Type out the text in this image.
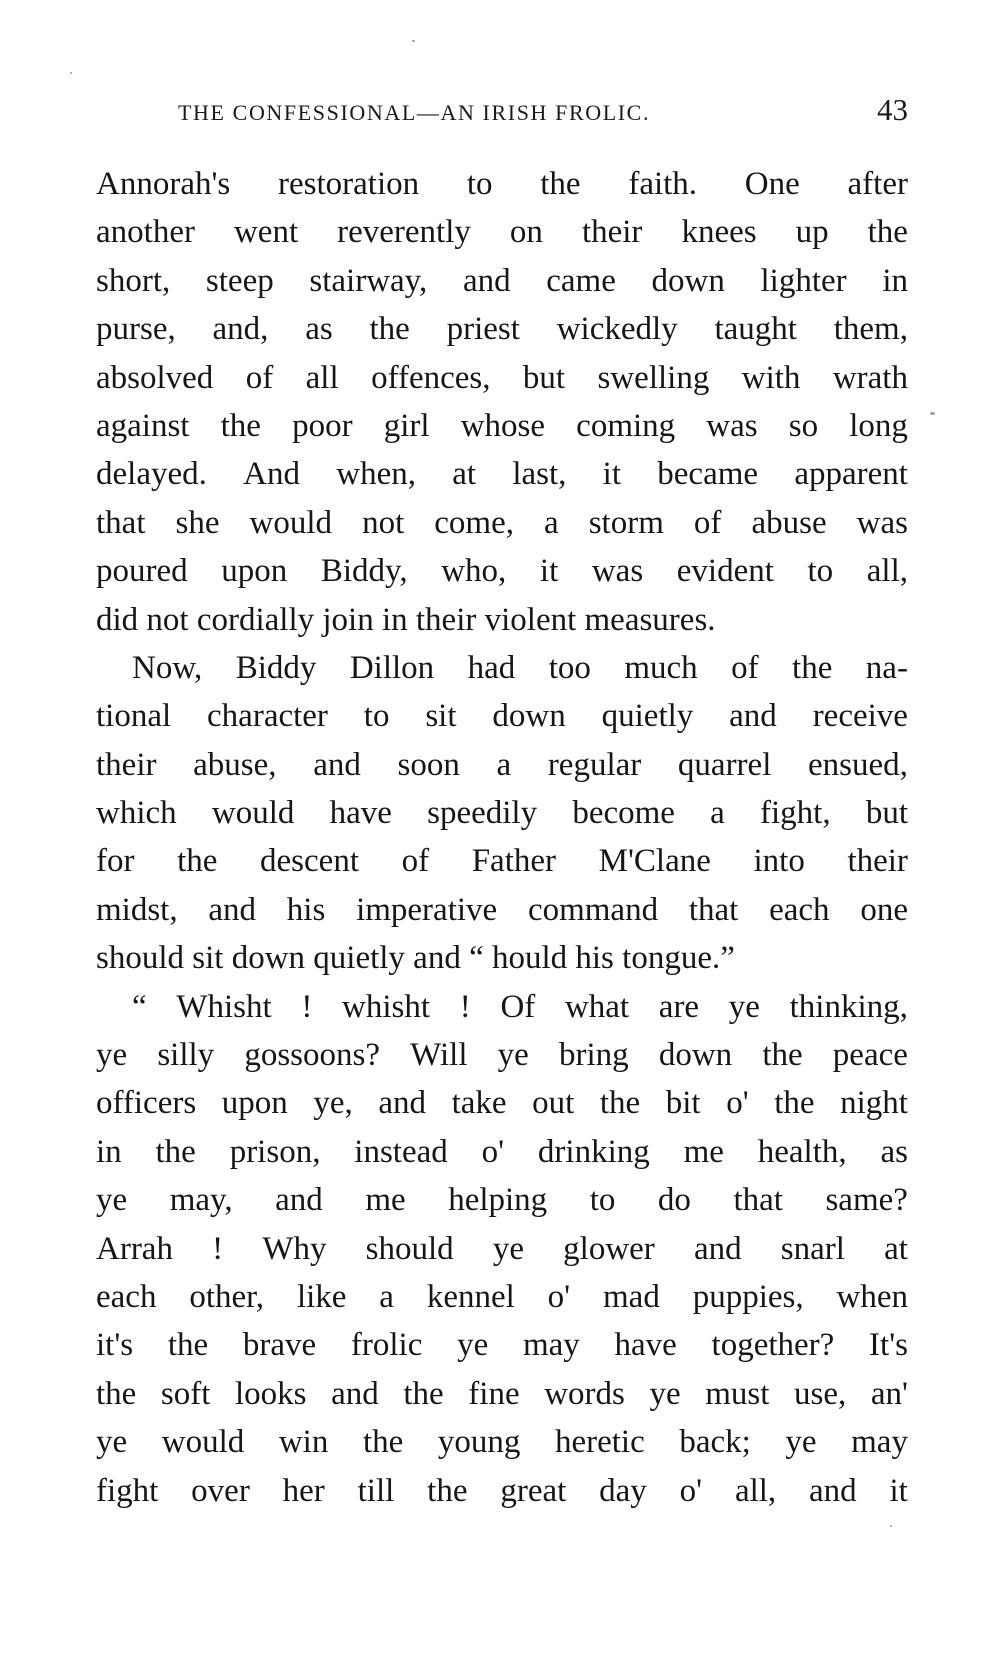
THE CONFESSIONAL—AN IRISH FROLIC.	43
Annorah's restoration to the faith. One after
another went reverently on their knees up the
short, steep stairway, and came down lighter in
purse, and, as the priest wickedly taught them,
absolved of all offences, but swelling with wrath
against the poor girl whose coming was so long
delayed. And when, at last, it became apparent
that she would not come, a storm of abuse was
poured upon Biddy, who, it was evident to all,
did not cordially join in their violent measures.
Now, Biddy Dillon had too much of the na-
tional character to sit down quietly and receive
their abuse, and soon a regular quarrel ensued,
which would have speedily become a fight, but
for the descent of Father M'Clane into their
midst, and his imperative command that each one
should sit down quietly and “ hould his tongue.”
“ Whisht ! whisht ! Of what are ye thinking,
ye silly gossoons? Will ye bring down the peace
officers upon ye, and take out the bit o' the night
in the prison, instead o' drinking me health, as
ye may, and me helping to do that same?
Arrah ! Why should ye glower and snarl at
each other, like a kennel o' mad puppies, when
it's the brave frolic ye may have together? It's
the soft looks and the fine words ye must use, an'
ye would win the young heretic back; ye may
fight over her till the great day o' all, and it
